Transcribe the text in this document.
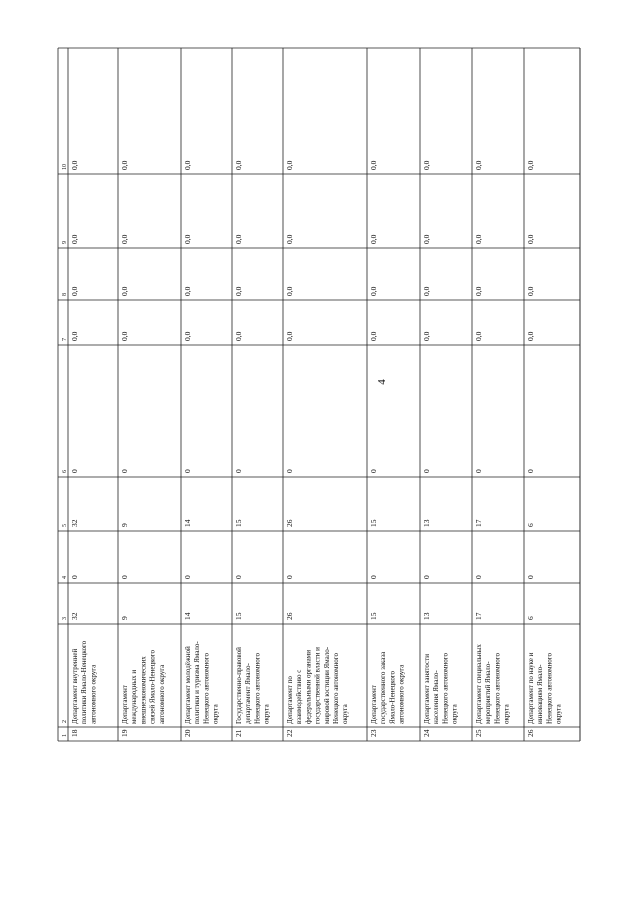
4
1
2
3
4
5
6
7
8
9
10
18
Департамент внутренней политики Ямало-Ненецкого автономного округа
32
0
32
0
0,0
0,0
0,0
0,0
19
Департамент международных и внешнеэкономических связей Ямало-Ненецкого автономного округа
9
0
9
0
0,0
0,0
0,0
0,0
20
Департамент молодёжной политики и туризма Ямало- Ненецкого автономного округа
14
0
14
0
0,0
0,0
0,0
0,0
21
Государственно-правовой департамент Ямало- Ненецкого автономного округа
15
0
15
0
0,0
0,0
0,0
0,0
22
Департамент по взаимодействию с федеральными органами государственной власти и мировой юстиции Ямало- Ненецкого автономного округа
26
0
26
0
0,0
0,0
0,0
0,0
23
Департамент государственного заказа Ямало-Ненецкого автономного округа
15
0
15
0
0,0
0,0
0,0
0,0
24
Департамент занятости населения Ямало- Ненецкого автономного округа
13
0
13
0
0,0
0,0
0,0
0,0
25
Департамент специальных мероприятий Ямало- Ненецкого автономного округа
17
0
17
0
0,0
0,0
0,0
0,0
26
Департамент по науке и инновациям Ямало- Ненецкого автономного округа
6
0
6
0
0,0
0,0
0,0
0,0
